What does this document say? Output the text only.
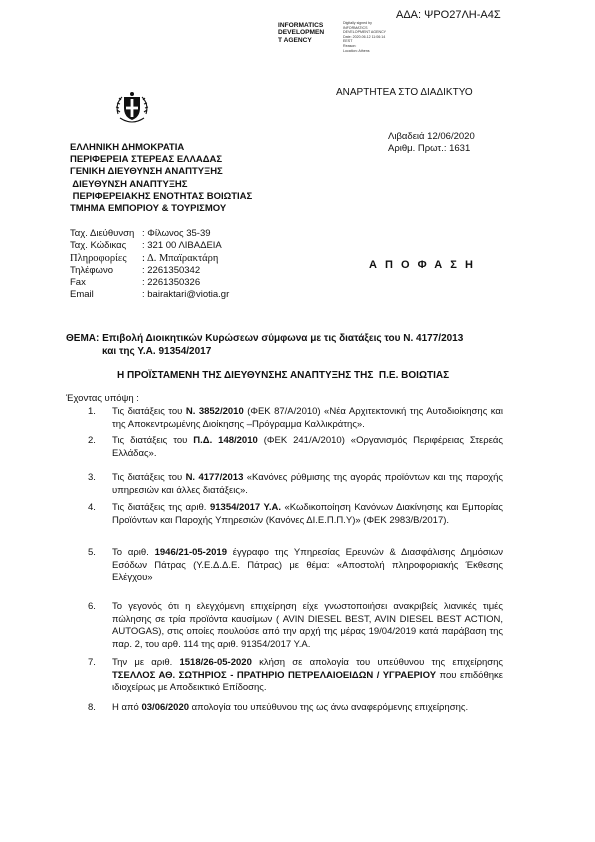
ΑΔΑ: ΨΡΟ27ΛΗ-Α4Σ
INFORMATICS
DEVELOPMEN
T AGENCY
Digitally signed by
INFORMATICS
DEVELOPMENT AGENCY
Date: 2020.06.12 11:06:14
EEST
Reason:
Location: Athens
ΑΝΑΡΤΗΤΕΑ ΣΤΟ ΔΙΑΔΙΚΤΥΟ
Λιβαδειά 12/06/2020
Αριθμ. Πρωτ.: 1631
ΕΛΛΗΝΙΚΗ ΔΗΜΟΚΡΑΤΙΑ
ΠΕΡΙΦΕΡΕΙΑ ΣΤΕΡΕΑΣ ΕΛΛΑΔΑΣ
ΓΕΝΙΚΗ ΔΙΕΥΘΥΝΣΗ ΑΝΑΠΤΥΞΗΣ
ΔΙΕΥΘΥΝΣΗ ΑΝΑΠΤΥΞΗΣ
ΠΕΡΙΦΕΡΕΙΑΚΗΣ ΕΝΟΤΗΤΑΣ ΒΟΙΩΤΙΑΣ
ΤΜΗΜΑ ΕΜΠΟΡΙΟΥ & ΤΟΥΡΙΣΜΟΥ
Ταχ. Διεύθυνση : Φίλωνος 35-39
Ταχ. Κώδικας	: 321 00 ΛΙΒΑΔΕΙΑ
Πληροφορίες	: Δ. Μπαϊρακτάρη
Τηλέφωνο	: 2261350342
Fax	: 2261350326
Email	: bairaktari@viotia.gr
Α Π Ο Φ Α Σ Η
ΘΕΜΑ: Επιβολή Διοικητικών Κυρώσεων σύμφωνα με τις διατάξεις του Ν. 4177/2013
και της Υ.Α. 91354/2017
Η ΠΡΟΪΣΤΑΜΕΝΗ ΤΗΣ ΔΙΕΥΘΥΝΣΗΣ ΑΝΑΠΤΥΞΗΣ ΤΗΣ  Π.Ε. ΒΟΙΩΤΙΑΣ
Έχοντας υπόψη :
1.	Τις διατάξεις του Ν. 3852/2010 (ΦΕΚ 87/Α/2010) «Νέα Αρχιτεκτονική της Αυτοδιοίκησης και της Αποκεντρωμένης Διοίκησης –Πρόγραμμα Καλλικράτης».
2.	Τις διατάξεις του Π.Δ. 148/2010 (ΦΕΚ 241/Α/2010) «Οργανισμός Περιφέρειας Στερεάς Ελλάδας».
3.	Τις διατάξεις του Ν. 4177/2013 «Κανόνες ρύθμισης της αγοράς προϊόντων και της παροχής υπηρεσιών και άλλες διατάξεις».
4.	Τις διατάξεις της αριθ. 91354/2017 Υ.Α. «Κωδικοποίηση Κανόνων Διακίνησης και Εμπορίας Προϊόντων και Παροχής Υπηρεσιών (Κανόνες ΔΙ.Ε.Π.Π.Υ)» (ΦΕΚ 2983/Β/2017).
5.	Το αριθ. 1946/21-05-2019 έγγραφο της Υπηρεσίας Ερευνών & Διασφάλισης Δημόσιων Εσόδων Πάτρας (Υ.Ε.Δ.Δ.Ε. Πάτρας) με θέμα: «Αποστολή πληροφοριακής Έκθεσης Ελέγχου»
6.	Το γεγονός ότι η ελεγχόμενη επιχείρηση είχε γνωστοποιήσει ανακριβείς λιανικές τιμές πώλησης σε τρία προϊόντα καυσίμων ( AVIN DIESEL BEST, AVIN DIESEL BEST ACTION, AUTOGAS), στις οποίες πουλούσε από την αρχή της μέρας 19/04/2019 κατά παράβαση της παρ. 2, του αρθ. 114 της αριθ. 91354/2017 Υ.Α.
7.	Την με αριθ. 1518/26-05-2020 κλήση σε απολογία του υπεύθυνου της επιχείρησης ΤΣΕΛΛΟΣ ΑΘ. ΣΩΤΗΡΙΟΣ - ΠΡΑΤΗΡΙΟ ΠΕΤΡΕΛΑΙΟΕΙΔΩΝ / ΥΓΡΑΕΡΙΟΥ που επιδόθηκε ιδιοχείρως με Αποδεικτικό Επίδοσης.
8.	Η από 03/06/2020 απολογία του υπεύθυνου της ως άνω αναφερόμενης επιχείρησης.
